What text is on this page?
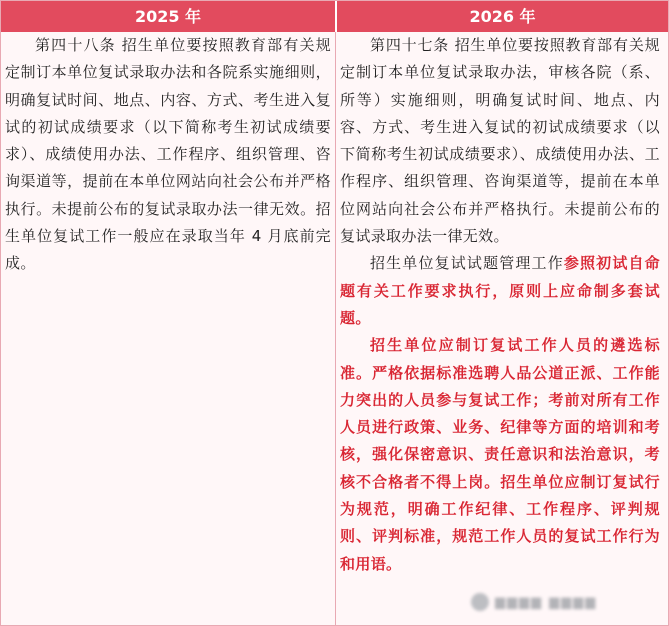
2025 年	2026 年

第四十八条 招生单位要按照教育部有关规定制订本单位复试录取办法和各院系实施细则，明确复试时间、地点、内容、方式、考生进入复试的初试成绩要求（以下简称考生初试成绩要求）、成绩使用办法、工作程序、组织管理、咨询渠道等，提前在本单位网站向社会公布并严格执行。未提前公布的复试录取办法一律无效。招生单位复试工作一般应在录取当年 4 月底前完成。

第四十七条 招生单位要按照教育部有关规定制订本单位复试录取办法，审核各院（系、所等）实施细则，明确复试时间、地点、内容、方式、考生进入复试的初试成绩要求（以下简称考生初试成绩要求）、成绩使用办法、工作程序、组织管理、咨询渠道等，提前在本单位网站向社会公布并严格执行。未提前公布的复试录取办法一律无效。

招生单位复试试题管理工作参照初试自命题有关工作要求执行，原则上应命制多套试题。

招生单位应制订复试工作人员的遴选标准。严格依据标准选聘人品公道正派、工作能力突出的人员参与复试工作；考前对所有工作人员进行政策、业务、纪律等方面的培训和考核，强化保密意识、责任意识和法治意识，考核不合格者不得上岗。招生单位应制订复试行为规范，明确工作纪律、工作程序、评判规则、评判标准，规范工作人员的复试工作行为和用语。

▆▆▆▆ ▆▆▆▆
